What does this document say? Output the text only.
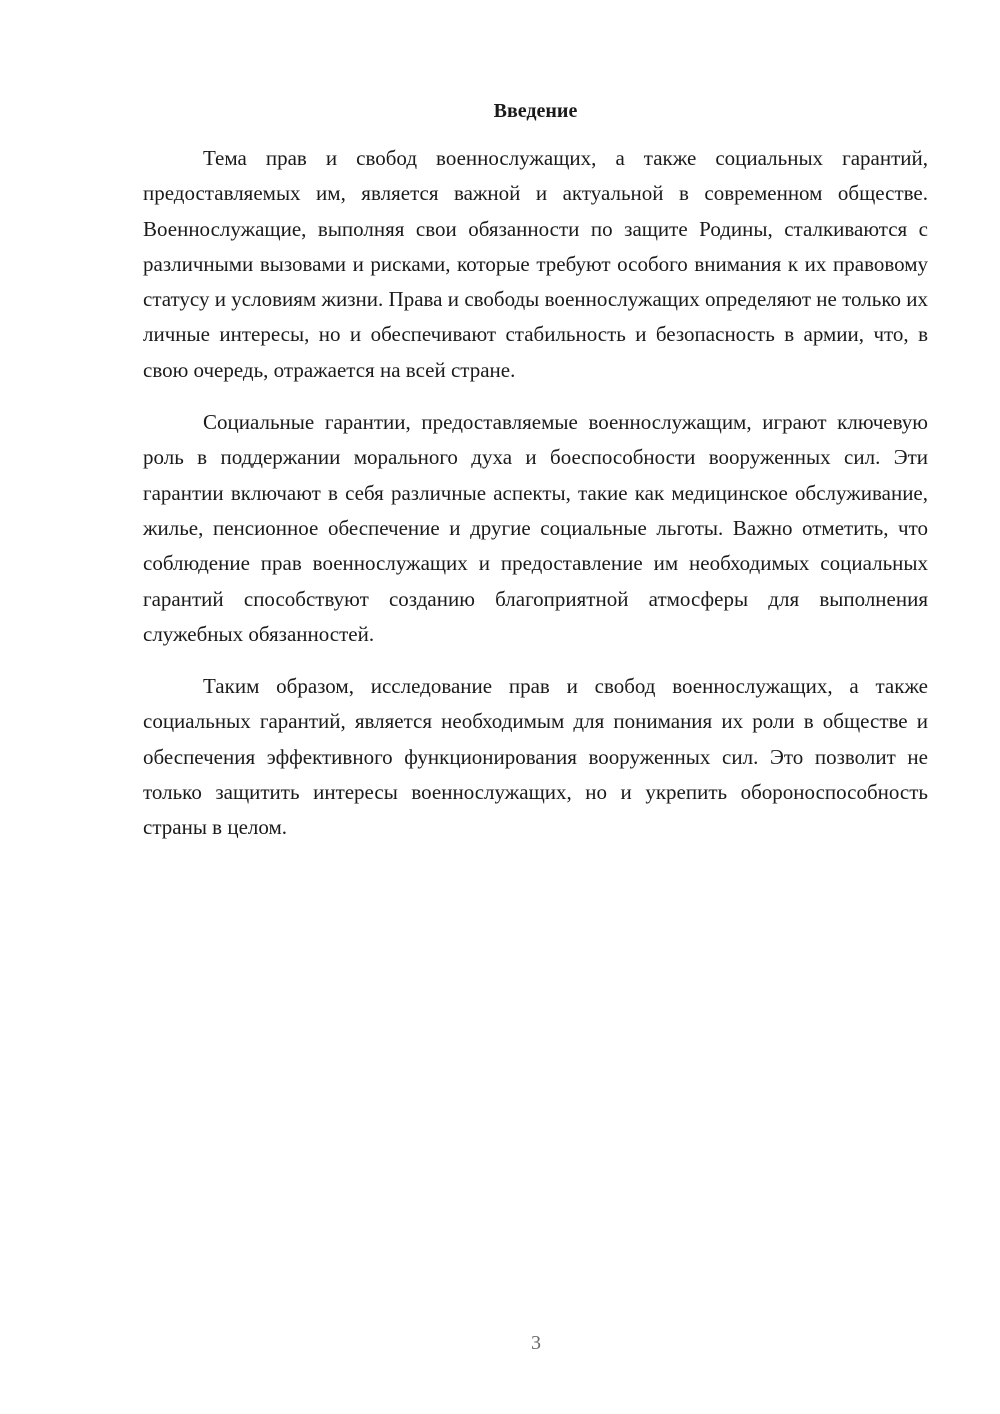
Введение

Тема прав и свобод военнослужащих, а также социальных гарантий, предоставляемых им, является важной и актуальной в современном обществе. Военнослужащие, выполняя свои обязанности по защите Родины, сталкиваются с различными вызовами и рисками, которые требуют особого внимания к их правовому статусу и условиям жизни. Права и свободы военнослужащих определяют не только их личные интересы, но и обеспечивают стабильность и безопасность в армии, что, в свою очередь, отражается на всей стране.

Социальные гарантии, предоставляемые военнослужащим, играют ключевую роль в поддержании морального духа и боеспособности вооруженных сил. Эти гарантии включают в себя различные аспекты, такие как медицинское обслуживание, жилье, пенсионное обеспечение и другие социальные льготы. Важно отметить, что соблюдение прав военнослужащих и предоставление им необходимых социальных гарантий способствуют созданию благоприятной атмосферы для выполнения служебных обязанностей.

Таким образом, исследование прав и свобод военнослужащих, а также социальных гарантий, является необходимым для понимания их роли в обществе и обеспечения эффективного функционирования вооруженных сил. Это позволит не только защитить интересы военнослужащих, но и укрепить обороноспособность страны в целом.

3
